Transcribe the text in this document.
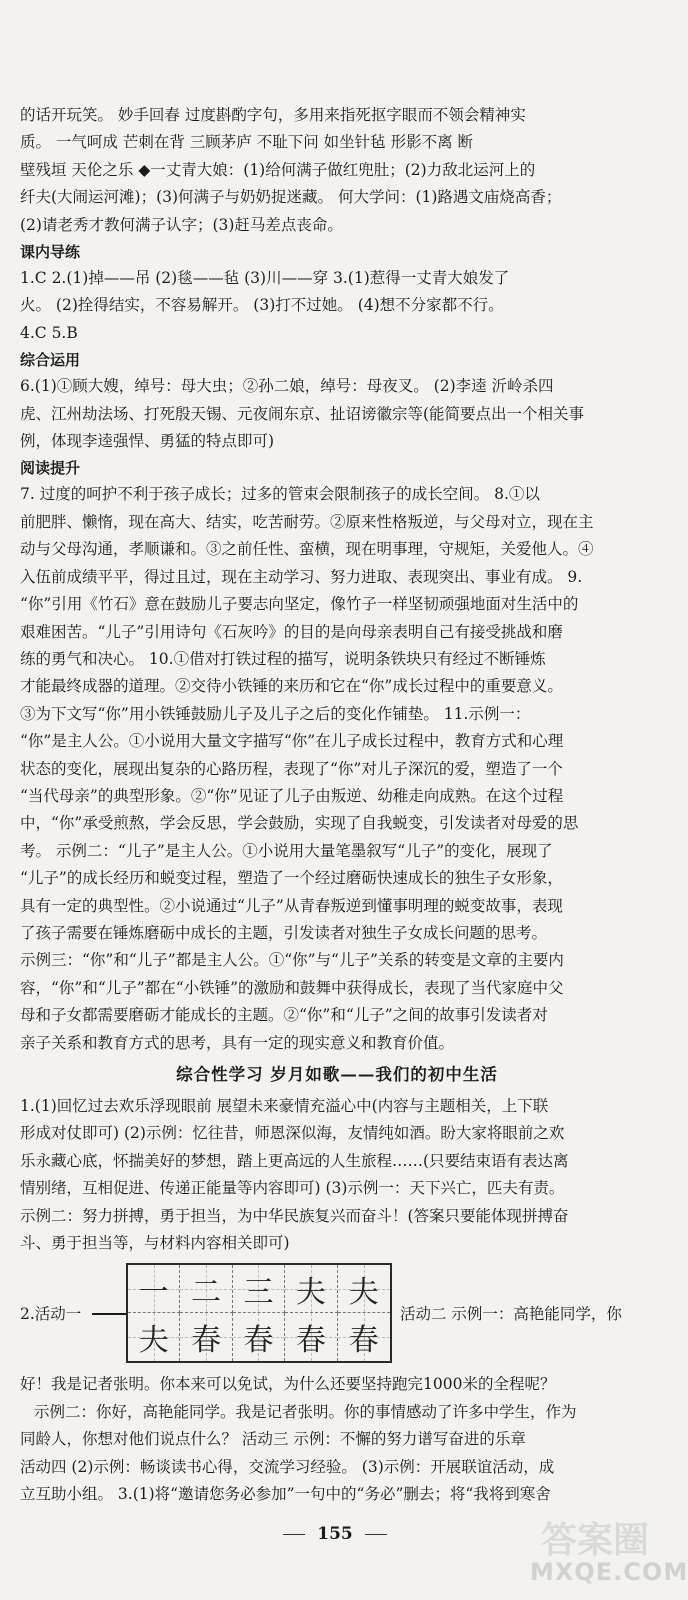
的话开玩笑。 妙手回春 过度斟酌字句，多用来指死抠字眼而不领会精神实
质。 一气呵成 芒刺在背 三顾茅庐 不耻下问 如坐针毡 形影不离 断
壁残垣 天伦之乐 ◆一丈青大娘：(1)给何满子做红兜肚；(2)力敌北运河上的
纤夫(大闹运河滩)；(3)何满子与奶奶捉迷藏。 何大学问：(1)路遇文庙烧高香；
(2)请老秀才教何满子认字；(3)赶马差点丧命。
课内导练
1.C 2.(1)掉——吊 (2)毯——毡 (3)川——穿 3.(1)惹得一丈青大娘发了
火。 (2)拴得结实，不容易解开。 (3)打不过她。 (4)想不分家都不行。
4.C 5.B
综合运用
6.(1)①顾大嫂，绰号：母大虫；②孙二娘，绰号：母夜叉。 (2)李逵 沂岭杀四
虎、江州劫法场、打死殷天锡、元夜闹东京、扯诏谤徽宗等(能简要点出一个相关事
例，体现李逵强悍、勇猛的特点即可)
阅读提升
7. 过度的呵护不利于孩子成长；过多的管束会限制孩子的成长空间。 8.①以
前肥胖、懒惰，现在高大、结实，吃苦耐劳。②原来性格叛逆，与父母对立，现在主
动与父母沟通，孝顺谦和。③之前任性、蛮横，现在明事理，守规矩，关爱他人。④
入伍前成绩平平，得过且过，现在主动学习、努力进取、表现突出、事业有成。 9.
“你”引用《竹石》意在鼓励儿子要志向坚定，像竹子一样坚韧顽强地面对生活中的
艰难困苦。“儿子”引用诗句《石灰吟》的目的是向母亲表明自己有接受挑战和磨
练的勇气和决心。 10.①借对打铁过程的描写，说明条铁块只有经过不断锤炼
才能最终成器的道理。②交待小铁锤的来历和它在“你”成长过程中的重要意义。
③为下文写“你”用小铁锤鼓励儿子及儿子之后的变化作铺垫。 11.示例一：
“你”是主人公。①小说用大量文字描写“你”在儿子成长过程中，教育方式和心理
状态的变化，展现出复杂的心路历程，表现了“你”对儿子深沉的爱，塑造了一个
“当代母亲”的典型形象。②“你”见证了儿子由叛逆、幼稚走向成熟。在这个过程
中，“你”承受煎熬，学会反思，学会鼓励，实现了自我蜕变，引发读者对母爱的思
考。 示例二：“儿子”是主人公。①小说用大量笔墨叙写“儿子”的变化，展现了
“儿子”的成长经历和蜕变过程，塑造了一个经过磨砺快速成长的独生子女形象，
具有一定的典型性。②小说通过“儿子”从青春叛逆到懂事明理的蜕变故事，表现
了孩子需要在锤炼磨砺中成长的主题，引发读者对独生子女成长问题的思考。
示例三：“你”和“儿子”都是主人公。①“你”与“儿子”关系的转变是文章的主要内
容，“你”和“儿子”都在“小铁锤”的激励和鼓舞中获得成长，表现了当代家庭中父
母和子女都需要磨砺才能成长的主题。②“你”和“儿子”之间的故事引发读者对
亲子关系和教育方式的思考，具有一定的现实意义和教育价值。
综合性学习 岁月如歌——我们的初中生活
1.(1)回忆过去欢乐浮现眼前 展望未来豪情充溢心中(内容与主题相关，上下联
形成对仗即可) (2)示例：忆往昔，师恩深似海，友情纯如酒。盼大家将眼前之欢
乐永藏心底，怀揣美好的梦想，踏上更高远的人生旅程……(只要结束语有表达离
情别绪，互相促进、传递正能量等内容即可) (3)示例一：天下兴亡，匹夫有责。
示例二：努力拼搏，勇于担当，为中华民族复兴而奋斗！(答案只要能体现拼搏奋
斗、勇于担当等，与材料内容相关即可)
2.活动一
一 二 三 夫 夫
夫 春 春 春 春
活动二 示例一：高艳能同学，你
好！我是记者张明。你本来可以免试，为什么还要坚持跑完1000米的全程呢？
示例二：你好，高艳能同学。我是记者张明。你的事情感动了许多中学生，作为
同龄人，你想对他们说点什么？ 活动三 示例：不懈的努力谱写奋进的乐章
活动四 (2)示例：畅谈读书心得，交流学习经验。 (3)示例：开展联谊活动，成
立互助小组。 3.(1)将“邀请您务必参加”一句中的“务必”删去；将“我将到寒舍
155	答案圈
MXQE.COM
